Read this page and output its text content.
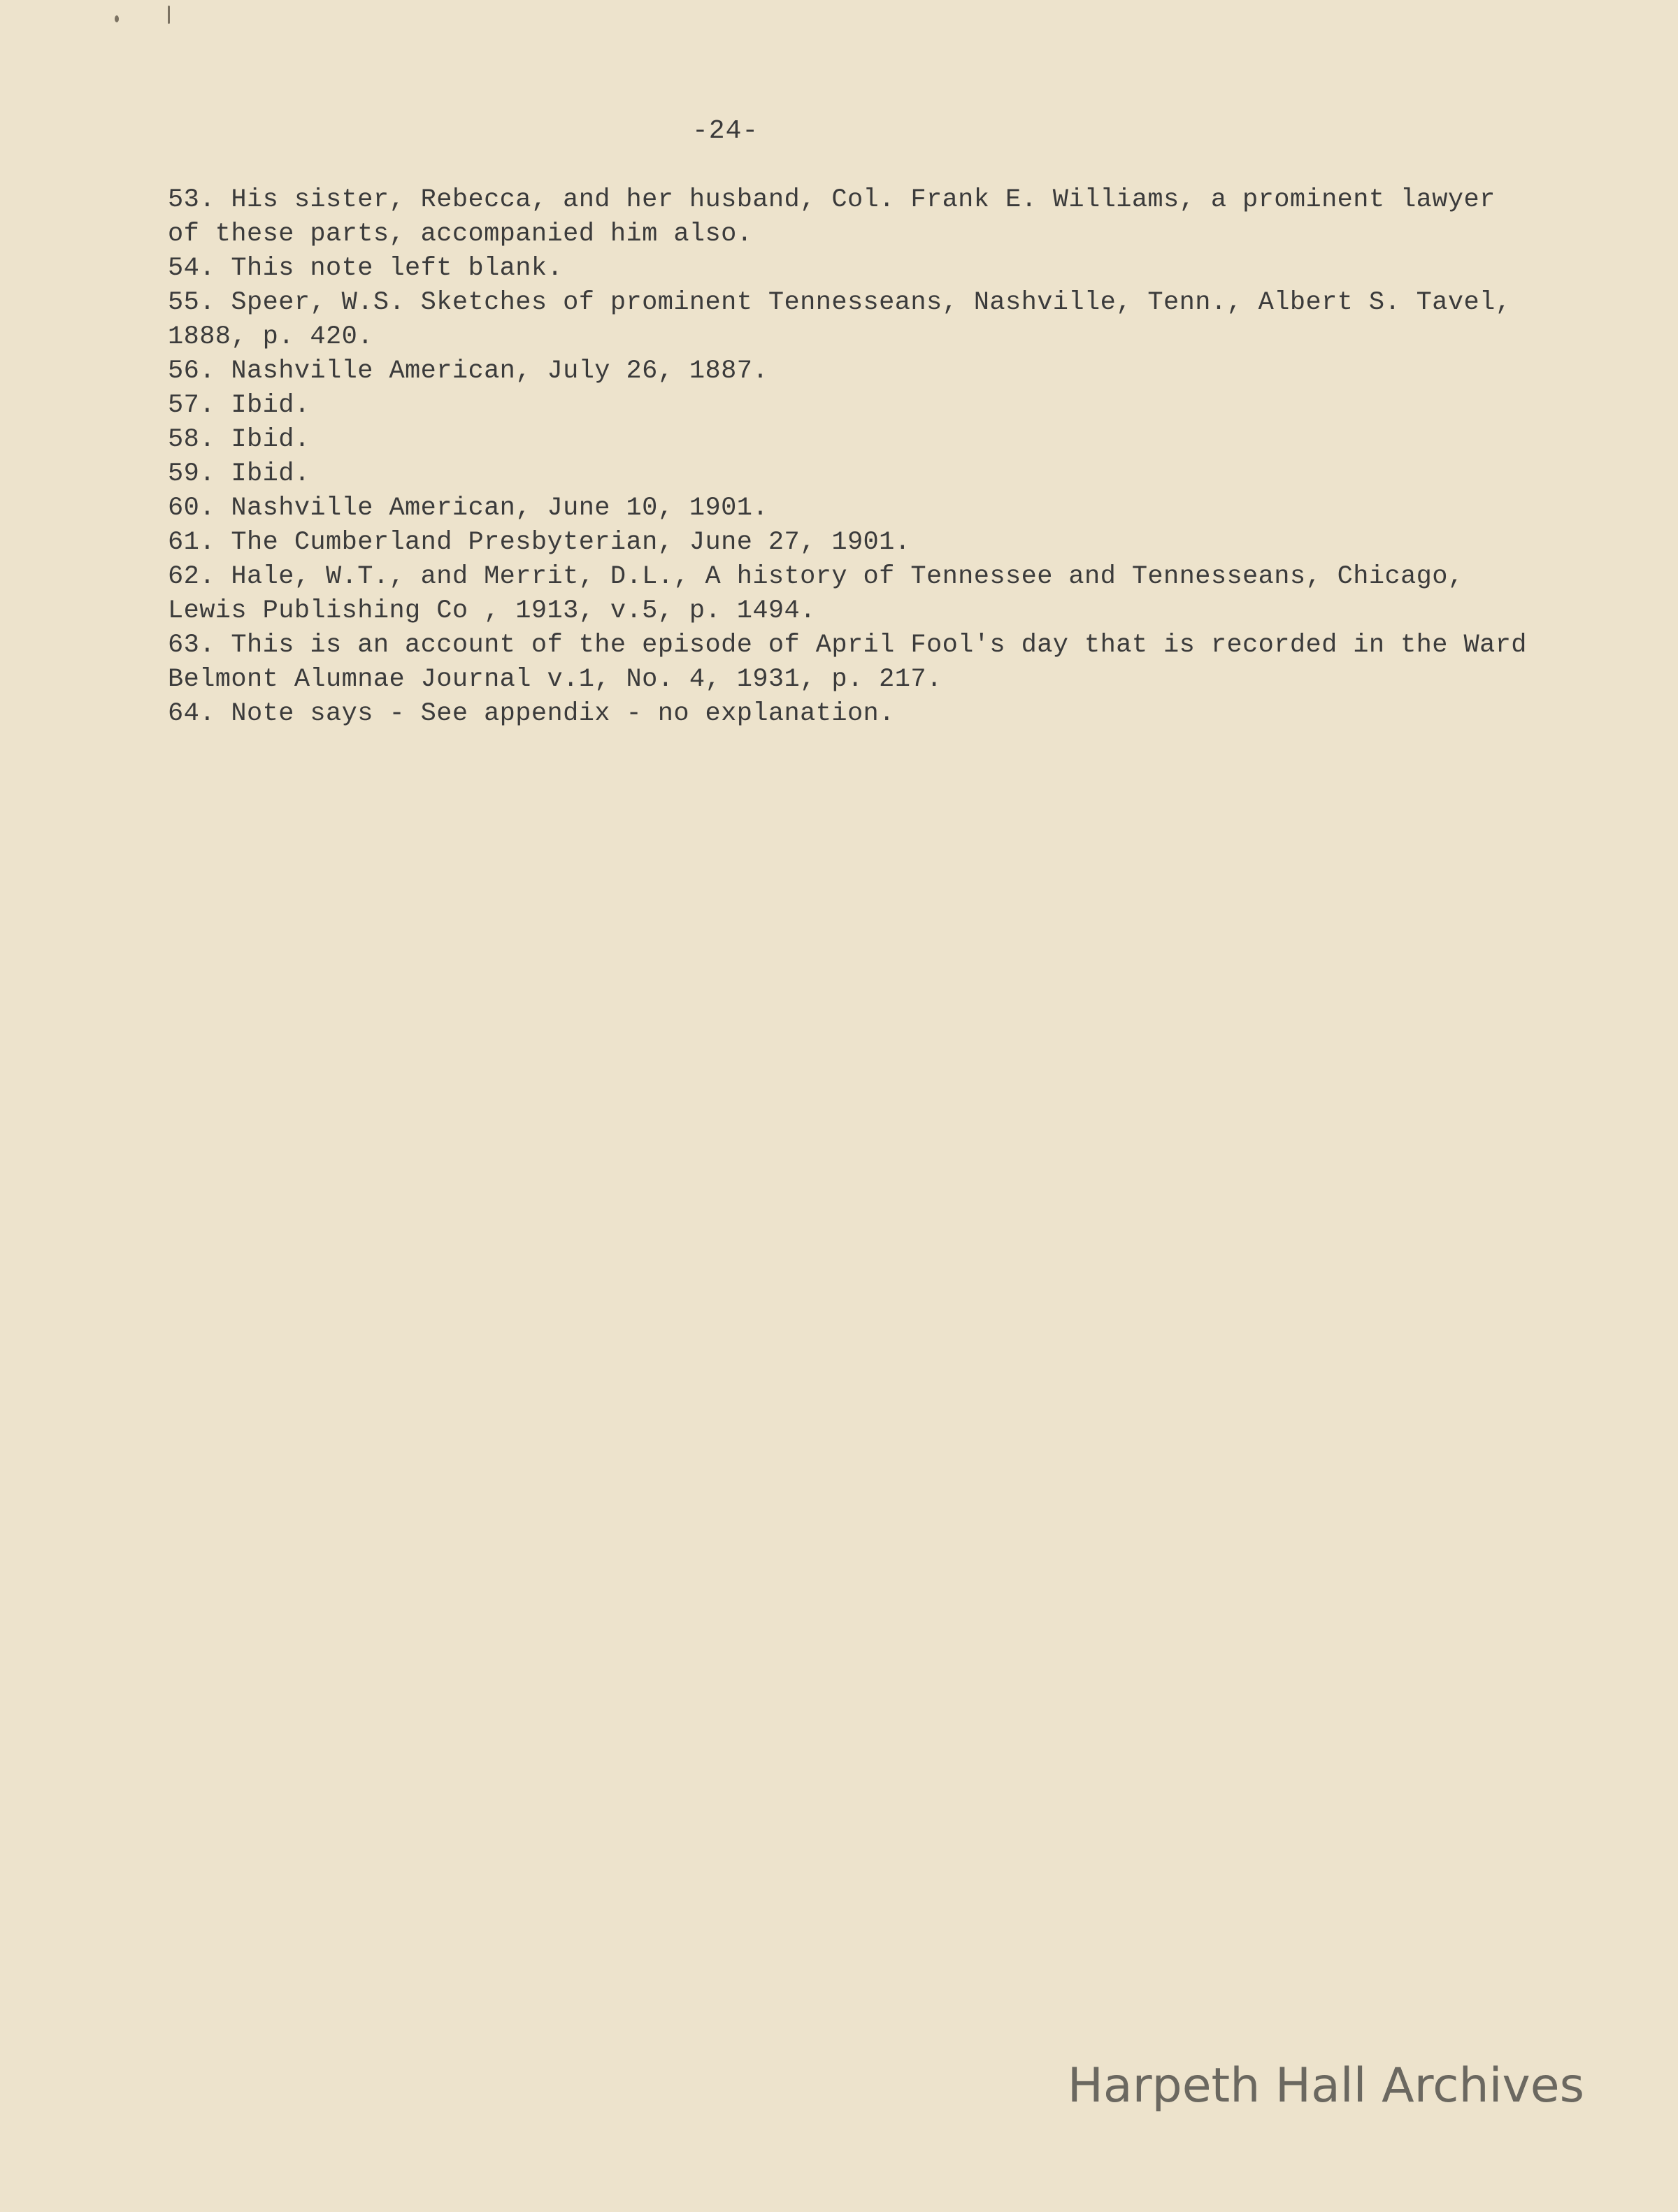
-24-

53. His sister, Rebecca, and her husband, Col. Frank E. Williams, a prominent lawyer of these parts, accompanied him also.

54. This note left blank.

55. Speer, W.S. Sketches of prominent Tennesseans, Nashville, Tenn., Albert S. Tavel, 1888, p. 420.

56. Nashville American, July 26, 1887.

57. Ibid.

58. Ibid.

59. Ibid.

60. Nashville American, June 10, 1901.

61. The Cumberland Presbyterian, June 27, 1901.

62. Hale, W.T., and Merrit, D.L., A history of Tennessee and Tennesseans, Chicago, Lewis Publishing Co , 1913, v.5, p. 1494.

63. This is an account of the episode of April Fool's day that is recorded in the Ward Belmont Alumnae Journal v.1, No. 4, 1931, p. 217.

64. Note says - See appendix - no explanation.

Harpeth Hall Archives
